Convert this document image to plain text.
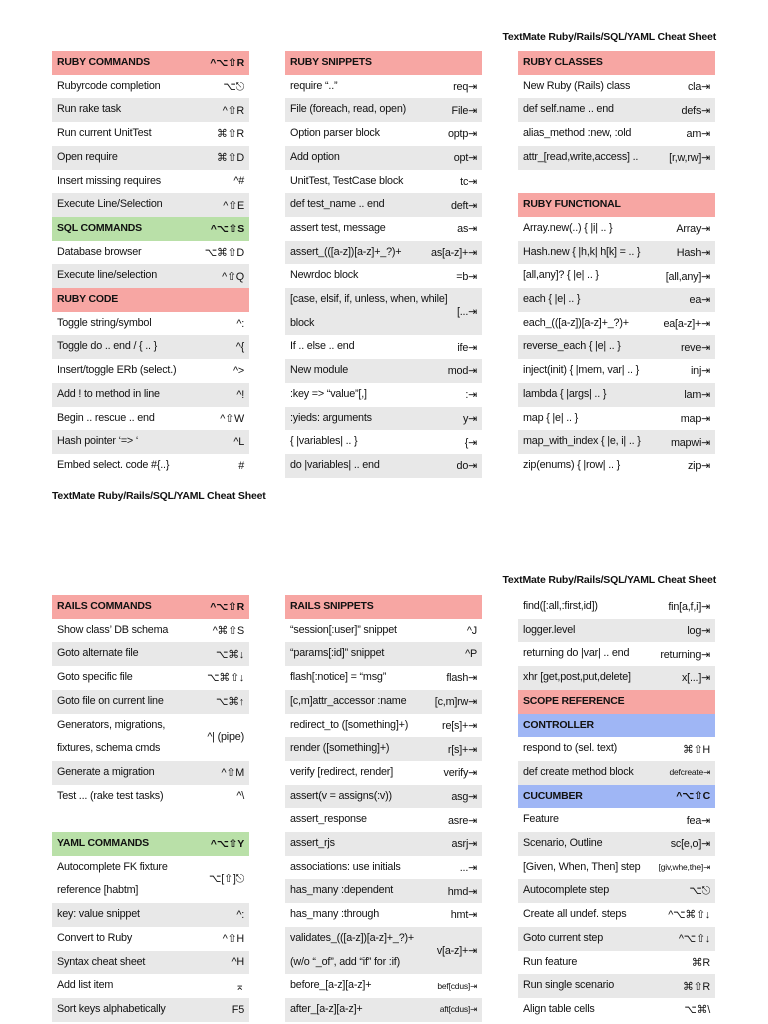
TextMate Ruby/Rails/SQL/YAML Cheat Sheet
RUBY COMMANDS	^⌥⇧R
Rubyrcode completion	⌥⎋
Run rake task	^⇧R
Run current UnitTest	⌘⇧R
Open require	⌘⇧D
Insert missing requires	^#
Execute Line/Selection	^⇧E
SQL COMMANDS	^⌥⇧S
Database browser	⌥⌘⇧D
Execute line/selection	^⇧Q
RUBY CODE
Toggle string/symbol	^:
Toggle do .. end / { .. }	^{
Insert/toggle ERb (select.)	^>
Add ! to method in line	^!
Begin .. rescue .. end	^⇧W
Hash pointer ‘=> ‘	^L
Embed select. code #{..}	#
RUBY SNIPPETS
require “..”	req⇥
File (foreach, read, open)	File⇥
Option parser block	optp⇥
Add option	opt⇥
UnitTest, TestCase block	tc⇥
def test_name .. end	deft⇥
assert test, message	as⇥
assert_(([a-z])[a-z]+_?)+	as[a-z]+⇥
Newrdoc block	=b⇥
[case, elsif, if, unless, when, while] block
[...⇥
If .. else .. end	ife⇥
New module	mod⇥
:key => “value”[,]	:⇥
:yieds: arguments	y⇥
{ |variables| .. }	{⇥
do |variables| .. end	do⇥
RUBY CLASSES
New Ruby (Rails) class	cla⇥
def self.name .. end	defs⇥
alias_method :new, :old	am⇥
attr_[read,write,access] ..	[r,w,rw]⇥
RUBY FUNCTIONAL
Array.new(..) { |i| .. }	Array⇥
Hash.new { |h,k| h[k] = .. }	Hash⇥
[all,any]? { |e| .. }	[all,any]⇥
each { |e| .. }	ea⇥
each_(([a-z])[a-z]+_?)+	ea[a-z]+⇥
reverse_each { |e| .. }	reve⇥
inject(init) { |mem, var| .. }	inj⇥
lambda { |args| .. }	lam⇥
map { |e| .. }	map⇥
map_with_index { |e, i| .. }	mapwi⇥
zip(enums) { |row| .. }	zip⇥
TextMate Ruby/Rails/SQL/YAML Cheat Sheet
TextMate Ruby/Rails/SQL/YAML Cheat Sheet
RAILS COMMANDS	^⌥⇧R
Show class’ DB schema	^⌘⇧S
Goto alternate file	⌥⌘↓
Goto specific file	⌥⌘⇧↓
Goto file on current line	⌥⌘↑
Generators, migrations, fixtures, schema cmds
^| (pipe)
Generate a migration	^⇧M
Test ... (rake test tasks)	^\
YAML COMMANDS	^⌥⇧Y
Autocomplete FK fixture reference [habtm]
⌥[⇧]⎋
key: value snippet	^:
Convert to Ruby	^⇧H
Syntax cheat sheet	^H
Add list item	⌅
Sort keys alphabetically	F5
RAILS SNIPPETS
“session[:user]” snippet	^J
“params[:id]” snippet	^P
flash[:notice] = “msg”	flash⇥
[c,m]attr_accessor :name	[c,m]rw⇥
redirect_to ([something]+)	re[s]+⇥
render ([something]+)	r[s]+⇥
verify [redirect, render]	verify⇥
assert(v = assigns(:v))	asg⇥
assert_response	asre⇥
assert_rjs	asrj⇥
associations: use initials	...⇥
has_many :dependent	hmd⇥
has_many :through	hmt⇥
validates_(([a-z])[a-z]+_?)+ (w/o “_of”, add “if” for :if)
v[a-z]+⇥
before_[a-z][a-z]+	bef[cdus]⇥
after_[a-z][a-z]+	aft[cdus]⇥
find([:all,:first,id])	fin[a,f,i]⇥
logger.level	log⇥
returning do |var| .. end	returning⇥
xhr [get,post,put,delete]	x[...]⇥
SCOPE REFERENCE
CONTROLLER
respond to (sel. text)	⌘⇧H
def create method block	defcreate⇥
CUCUMBER	^⌥⇧C
Feature	fea⇥
Scenario, Outline	sc[e,o]⇥
[Given, When, Then] step	[giv,whe,the]⇥
Autocomplete step	⌥⎋
Create all undef. steps	^⌥⌘⇧↓
Goto current step	^⌥⇧↓
Run feature	⌘R
Run single scenario	⌘⇧R
Align table cells	⌥⌘\
